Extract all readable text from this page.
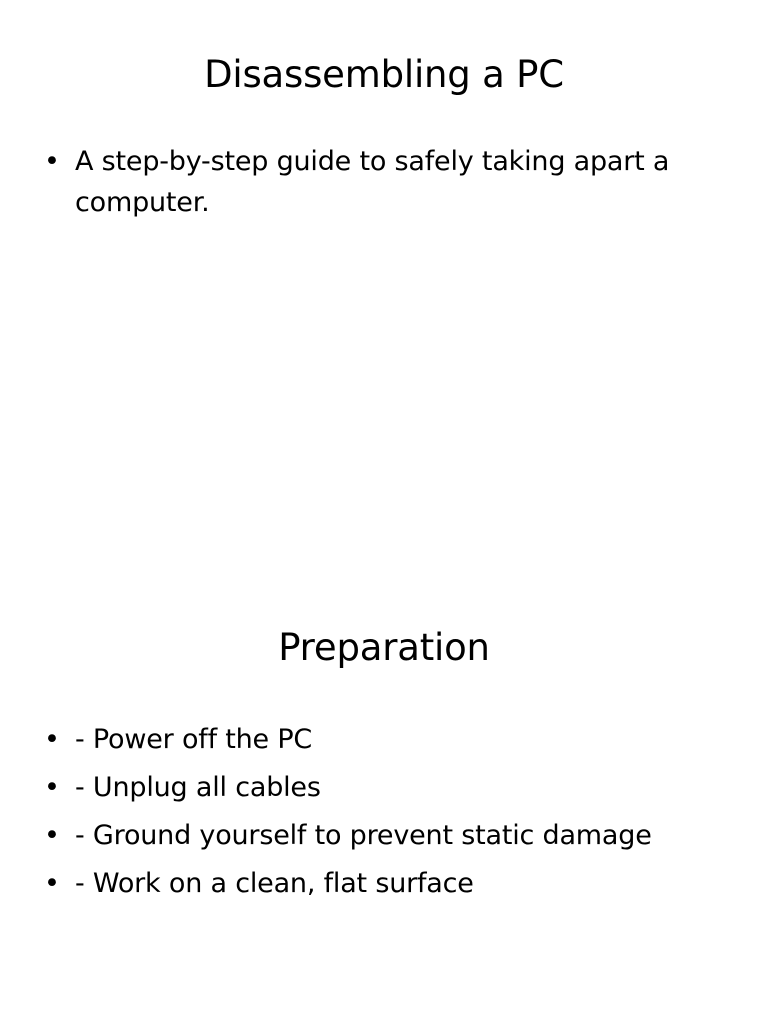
Disassembling a PC
• A step-by-step guide to safely taking apart a computer.
Preparation
• - Power off the PC
• - Unplug all cables
• - Ground yourself to prevent static damage
• - Work on a clean, flat surface
